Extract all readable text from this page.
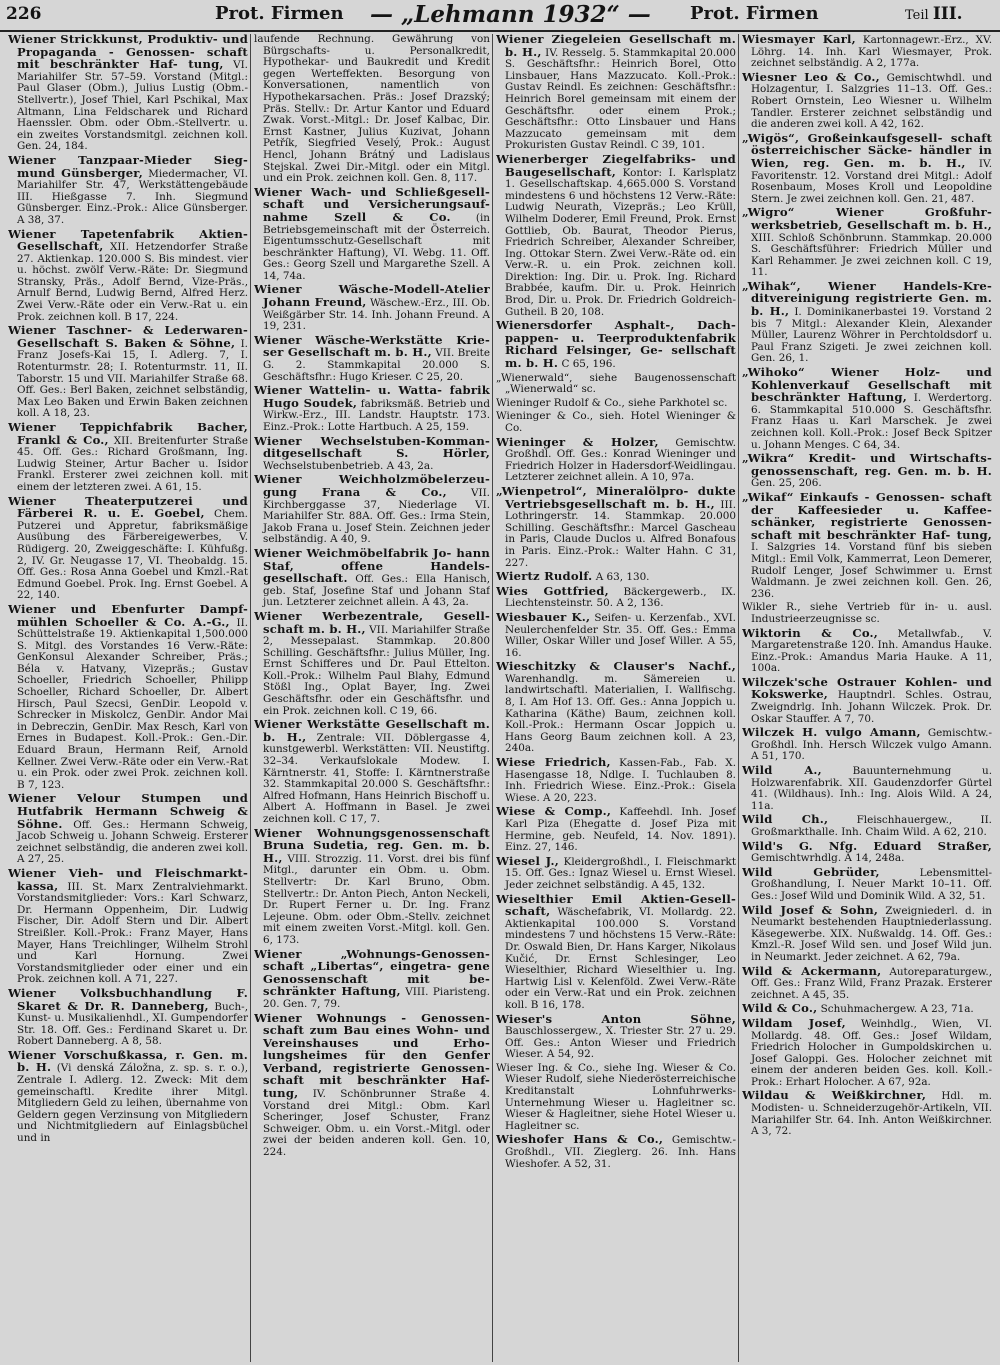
226	Prot. Firmen — „Lehmann 1932“ — Prot. Firmen	Teil III.

Wiener Strickkunst, Produktiv- und Propaganda - Genossen- schaft mit beschränkter Haf- tung, VI. Mariahilfer Str. 57–59. Vorstand (Mitgl.: Paul Glaser (Obm.), Julius Lustig (Obm.-Stellvertr.), Josef Thiel, Karl Pschikal, Max Altmann, Lina Feldscharek und Richard Haenssler. Obm. oder Obm.-Stellvertr. u. ein zweites Vorstandsmitgl. zeichnen koll. Gen. 24, 184.

Wiener Tanzpaar-Mieder Sieg- mund Günsberger, Miedermacher, VI. Mariahilfer Str. 47, Werkstättengebäude III. Hießgasse 7. Inh. Siegmund Günsberger. Einz.-Prok.: Alice Günsberger. A 38, 37.

Wiener Tapetenfabrik Aktien- Gesellschaft, XII. Hetzendorfer Straße 27. Aktienkap. 120.000 S. Bis mindest. vier u. höchst. zwölf Verw.-Räte: Dr. Siegmund Stransky, Präs., Adolf Bernd, Vize-Präs., Arnulf Bernd, Ludwig Bernd, Alfred Herz. Zwei Verw.-Räte oder ein Verw.-Rat u. ein Prok. zeichnen koll. B 17, 224.

Wiener Taschner- & Lederwaren- Gesellschaft S. Baken & Söhne, I. Franz Josefs-Kai 15, I. Adlerg. 7, I. Rotenturmstr. 28; I. Rotenturmstr. 11, II. Taborstr. 15 und VII. Mariahilfer Straße 68. Off. Ges.: Berl Baken, zeichnet selbständig, Max Leo Baken und Erwin Baken zeichnen koll. A 18, 23.

Wiener Teppichfabrik Bacher, Frankl & Co., XII. Breitenfurter Straße 45. Off. Ges.: Richard Großmann, Ing. Ludwig Steiner, Artur Bacher u. Isidor Frankl. Ersterer zwei zeichnen koll. mit einem der letzteren zwei. A 61, 15.

Wiener Theaterputzerei und Färberei R. u. E. Goebel, Chem. Putzerei und Appretur, fabriksmäßige Ausübung des Färbereigewerbes, V. Rüdigerg. 20, Zweiggeschäfte: I. Kühfußg. 2, IV. Gr. Neugasse 17, VI. Theobaldg. 15. Off. Ges.: Rosa Anna Goebel und Kmzl.-Rat Edmund Goebel. Prok. Ing. Ernst Goebel. A 22, 140.

Wiener und Ebenfurter Dampf- mühlen Schoeller & Co. A.-G., II. Schüttelstraße 19. Aktienkapital 1,500.000 S. Mitgl. des Vorstandes 16 Verw.-Räte: GenKonsul Alexander Schreiber, Präs.; Béla v. Hatvany, Vizepräs.; Gustav Schoeller, Friedrich Schoeller, Philipp Schoeller, Richard Schoeller, Dr. Albert Hirsch, Paul Szecsi, GenDir. Leopold v. Schrecker in Miskolcz, GenDir. Andor Mai in Debreczin, GenDir. Max Resch, Karl von Ernes in Budapest. Koll.-Prok.: Gen.-Dir. Eduard Braun, Hermann Reif, Arnold Kellner. Zwei Verw.-Räte oder ein Verw.-Rat u. ein Prok. oder zwei Prok. zeichnen koll. B 7, 123.

Wiener Velour Stumpen und Hutfabrik Hermann Schweig & Söhne. Off. Ges.: Hermann Schweig, Jacob Schweig u. Johann Schweig. Ersterer zeichnet selbständig, die anderen zwei koll. A 27, 25.

Wiener Vieh- und Fleischmarkt- kassa, III. St. Marx Zentralviehmarkt. Vorstandsmitglieder: Vors.: Karl Schwarz, Dr. Hermann Oppenheim, Dir. Ludwig Fischer, Dir. Adolf Stern und Dir. Albert Streißler. Koll.-Prok.: Franz Mayer, Hans Mayer, Hans Treichlinger, Wilhelm Strohl und Karl Hornung. Zwei Vorstandsmitglieder oder einer und ein Prok. zeichnen koll. A 71, 227.

Wiener Volksbuchhandlung F. Skaret & Dr. R. Danneberg, Buch-, Kunst- u. Musikalienhdl., XI. Gumpendorfer Str. 18. Off. Ges.: Ferdinand Skaret u. Dr. Robert Danneberg. A 8, 58.

Wiener Vorschußkassa, r. Gen. m. b. H. (Vi denská Záložna, z. sp. s. r. o.), Zentrale I. Adlerg. 12. Zweck: Mit dem gemeinschaftl. Kredite ihrer Mitgl. Mitgliedern Geld zu leihen, übernahme von Geldern gegen Verzinsung von Mitgliedern und Nichtmitgliedern auf Einlagsbüchel und in

laufende Rechnung. Gewährung von Bürgschafts- u. Personalkredit, Hypothekar- und Baukredit und Kredit gegen Werteffekten. Besorgung von Konversationen, namentlich von Hypothekarsachen. Präs.: Josef Drazský; Präs. Stellv.: Dr. Artur Kantor und Eduard Zwak. Vorst.-Mitgl.: Dr. Josef Kalbac, Dir. Ernst Kastner, Julius Kuzivat, Johann Petřík, Siegfried Veselý, Prok.: August Hencl, Johann Brátný und Ladislaus Stejskal. Zwei Dir.-Mitgl. oder ein Mitgl. und ein Prok. zeichnen koll. Gen. 8, 117.

Wiener Wach- und Schließgesell- schaft und Versicherungsauf- nahme Szell & Co. (in Betriebsgemeinschaft mit der Österreich. Eigentumsschutz-Gesellschaft mit beschränkter Haftung), VI. Webg. 11. Off. Ges.: Georg Szell und Margarethe Szell. A 14, 74a.

Wiener Wäsche-Modell-Atelier Johann Freund, Wäschew.-Erz., III. Ob. Weißgärber Str. 14. Inh. Johann Freund. A 19, 231.

Wiener Wäsche-Werkstätte Krie- ser Gesellschaft m. b. H., VII. Breite G. 2. Stammkapital 20.000 S. Geschäftsfhr.: Hugo Krieser. C 25, 20.

Wiener Wattelin- u. Watta- fabrik Hugo Soudek, fabriksmäß. Betrieb und Wirkw.-Erz., III. Landstr. Hauptstr. 173. Einz.-Prok.: Lotte Hartbuch. A 25, 159.

Wiener Wechselstuben-Komman- ditgesellschaft S. Hörler, Wechselstubenbetrieb. A 43, 2a.

Wiener Weichholzmöbelerzeu- gung Frana & Co., VII. Kirchberggasse 37, Niederlage VI. Mariahilfer Str. 88A. Off. Ges.: Irma Stein, Jakob Frana u. Josef Stein. Zeichnen jeder selbständig. A 40, 9.

Wiener Weichmöbelfabrik Jo- hann Staf, offene Handels- gesellschaft. Off. Ges.: Ella Hanisch, geb. Staf, Josefine Staf und Johann Staf jun. Letzterer zeichnet allein. A 43, 2a.

Wiener Werbezentrale, Gesell- schaft m. b. H., VII. Mariahilfer Straße 2, Messepalast. Stammkap. 20.800 Schilling. Geschäftsfhr.: Julius Müller, Ing. Ernst Schifferes und Dr. Paul Ettelton. Koll.-Prok.: Wilhelm Paul Blahy, Edmund Stößl Ing., Oplat Bayer, Ing. Zwei Geschäftsfhr. oder ein Geschäftsfhr. und ein Prok. zeichnen koll. C 19, 66.

Wiener Werkstätte Gesellschaft m. b. H., Zentrale: VII. Döblergasse 4, kunstgewerbl. Werkstätten: VII. Neustiftg. 32–34. Verkaufslokale Modew. I. Kärntnerstr. 41, Stoffe: I. Kärntnerstraße 32. Stammkapital 20.000 S. Geschäftsfhr.: Alfred Hofmann, Hans Heinrich Bischoff u. Albert A. Hoffmann in Basel. Je zwei zeichnen koll. C 17, 7.

Wiener Wohnungsgenossenschaft Bruna Sudetia, reg. Gen. m. b. H., VIII. Strozzig. 11. Vorst. drei bis fünf Mitgl., darunter ein Obm. u. Obm. Stellvertr: Dr. Karl Bruno, Obm. Stellvertr.: Dr. Anton Piech, Anton Neckeli, Dr. Rupert Ferner u. Dr. Ing. Franz Lejeune. Obm. oder Obm.-Stellv. zeichnet mit einem zweiten Vorst.-Mitgl. koll. Gen. 6, 173.

Wiener „Wohnungs-Genossen- schaft „Libertas“, eingetra- gene Genossenschaft mit be- schränkter Haftung, VIII. Piaristeng. 20. Gen. 7, 79.

Wiener Wohnungs - Genossen- schaft zum Bau eines Wohn- und Vereinshauses und Erho- lungsheimes für den Genfer Verband, registrierte Genossen- schaft mit beschränkter Haf- tung, IV. Schönbrunner Straße 4. Vorstand drei Mitgl.: Obm. Karl Scheringer, Josef Schuster, Franz Schweiger. Obm. u. ein Vorst.-Mitgl. oder zwei der beiden anderen koll. Gen. 10, 224.

Wiener Ziegeleien Gesellschaft m. b. H., IV. Resselg. 5. Stammkapital 20.000 S. Geschäftsfhr.: Heinrich Borel, Otto Linsbauer, Hans Mazzucato. Koll.-Prok.: Gustav Reindl. Es zeichnen: Geschäftsfhr.: Heinrich Borel gemeinsam mit einem der Geschäftsfhr. oder einem Prok.; Geschäftsfhr.: Otto Linsbauer und Hans Mazzucato gemeinsam mit dem Prokuristen Gustav Reindl. C 39, 101.

Wienerberger Ziegelfabriks- und Baugesellschaft, Kontor: I. Karlsplatz 1. Gesellschaftskap. 4,665.000 S. Vorstand mindestens 6 und höchstens 12 Verw.-Räte: Ludwig Neurath, Vizepräs.; Leo Krüll, Wilhelm Doderer, Emil Freund, Prok. Ernst Gottlieb, Ob. Baurat, Theodor Pierus, Friedrich Schreiber, Alexander Schreiber, Ing. Ottokar Stern. Zwei Verw.-Räte od. ein Verw.-R. u. ein Prok. zeichnen koll. Direktion: Ing. Dir. u. Prok. Ing. Richard Brabbée, kaufm. Dir. u. Prok. Heinrich Brod, Dir. u. Prok. Dr. Friedrich Goldreich-Gutheil. B 20, 108.

Wienersdorfer Asphalt-, Dach- pappen- u. Teerproduktenfabrik Richard Felsinger, Ge- sellschaft m. b. H. C 65, 196.

„Wienerwald“, siehe Baugenossenschaft „Wienerwald“ sc.

Wieninger Rudolf & Co., siehe Parkhotel sc.

Wieninger & Co., sieh. Hotel Wieninger & Co.

Wieninger & Holzer, Gemischtw. Großhdl. Off. Ges.: Konrad Wieninger und Friedrich Holzer in Hadersdorf-Weidlingau. Letzterer zeichnet allein. A 10, 97a.

„Wienpetrol“, Mineralölpro- dukte Vertriebsgesellschaft m. b. H., III. Lothringerstr. 14. Stammkap. 20.000 Schilling. Geschäftsfhr.: Marcel Gascheau in Paris, Claude Duclos u. Alfred Bonafous in Paris. Einz.-Prok.: Walter Hahn. C 31, 227.

Wiertz Rudolf. A 63, 130.

Wies Gottfried, Bäckergewerb., IX. Liechtensteinstr. 50. A 2, 136.

Wiesbauer K., Seifen- u. Kerzenfab., XVI. Neulerchenfelder Str. 35. Off. Ges.: Emma Willer, Oskar Willer und Josef Willer. A 55, 16.

Wieschitzky & Clauser's Nachf., Warenhandlg. m. Sämereien u. landwirtschaftl. Materialien, I. Wallfischg. 8, I. Am Hof 13. Off. Ges.: Anna Joppich u. Katharina (Käthe) Baum, zeichnen koll. Koll.-Prok.: Hermann Oscar Joppich u. Hans Georg Baum zeichnen koll. A 23, 240a.

Wiese Friedrich, Kassen-Fab., Fab. X. Hasengasse 18, Ndlge. I. Tuchlauben 8. Inh. Friedrich Wiese. Einz.-Prok.: Gisela Wiese. A 20, 223.

Wiese & Comp., Kaffeehdl. Inh. Josef Karl Piza (Ehegatte d. Josef Piza mit Hermine, geb. Neufeld, 14. Nov. 1891). Einz. 27, 146.

Wiesel J., Kleidergroßhdl., I. Fleischmarkt 15. Off. Ges.: Ignaz Wiesel u. Ernst Wiesel. Jeder zeichnet selbständig. A 45, 132.

Wieselthier Emil Aktien-Gesell- schaft, Wäschefabrik, VI. Mollardg. 22. Aktienkapital 100.000 S. Vorstand mindestens 7 und höchstens 15 Verw.-Räte: Dr. Oswald Bien, Dr. Hans Karger, Nikolaus Kučić, Dr. Ernst Schlesinger, Leo Wieselthier, Richard Wieselthier u. Ing. Hartwig Lisl v. Kelenföld. Zwei Verw.-Räte oder ein Verw.-Rat und ein Prok. zeichnen koll. B 16, 178.

Wieser's Anton Söhne, Bauschlossergew., X. Triester Str. 27 u. 29. Off. Ges.: Anton Wieser und Friedrich Wieser. A 54, 92.

Wieser Ing. & Co., siehe Ing. Wieser & Co. Wieser Rudolf, siehe Niederösterreichische Kreditanstalt Lohnfuhrwerks-Unternehmung Wieser u. Hagleitner sc. Wieser & Hagleitner, siehe Hotel Wieser u. Hagleitner sc.

Wieshofer Hans & Co., Gemischtw.-Großhdl., VII. Zieglerg. 26. Inh. Hans Wieshofer. A 52, 31.

Wiesmayer Karl, Kartonnagewr.-Erz., XV. Löhrg. 14. Inh. Karl Wiesmayer, Prok. zeichnet selbständig. A 2, 177a.

Wiesner Leo & Co., Gemischtwhdl. und Holzagentur, I. Salzgries 11–13. Off. Ges.: Robert Ornstein, Leo Wiesner u. Wilhelm Tandler. Ersterer zeichnet selbständig und die anderen zwei koll. A 42, 162.

„Wigös“, Großeinkaufsgesell- schaft österreichischer Säcke- händler in Wien, reg. Gen. m. b. H., IV. Favoritenstr. 12. Vorstand drei Mitgl.: Adolf Rosenbaum, Moses Kroll und Leopoldine Stern. Je zwei zeichnen koll. Gen. 21, 487.

„Wigro“ Wiener Großfuhr- werksbetrieb, Gesellschaft m. b. H., XIII. Schloß Schönbrunn. Stammkap. 20.000 S. Geschäftsführer: Friedrich Müller und Karl Rehammer. Je zwei zeichnen koll. C 19, 11.

„Wihak“, Wiener Handels-Kre- ditvereinigung registrierte Gen. m. b. H., I. Dominikanerbastei 19. Vorstand 2 bis 7 Mitgl.: Alexander Klein, Alexander Müller, Laurenz Wöhrer in Perchtoldsdorf u. Paul Franz Szigeti. Je zwei zeichnen koll. Gen. 26, 1.

„Wihoko“ Wiener Holz- und Kohlenverkauf Gesellschaft mit beschränkter Haftung, I. Werdertorg. 6. Stammkapital 510.000 S. Geschäftsfhr. Franz Haas u. Karl Marschek. Je zwei zeichnen koll. Koll.-Prok.: Josef Beck Spitzer u. Johann Menges. C 64, 34.

„Wikra“ Kredit- und Wirtschafts- genossenschaft, reg. Gen. m. b. H. Gen. 25, 206.

„Wikaf“ Einkaufs - Genossen- schaft der Kaffeesieder u. Kaffee- schänker, registrierte Genossen- schaft mit beschränkter Haf- tung, I. Salzgries 14. Vorstand fünf bis sieben Mitgl.: Emil Volk, Kammerrat, Leon Demerer, Rudolf Lenger, Josef Schwimmer u. Ernst Waldmann. Je zwei zeichnen koll. Gen. 26, 236.

Wikler R., siehe Vertrieb für in- u. ausl. Industrieerzeugnisse sc.

Wiktorin & Co., Metallwfab., V. Margaretenstraße 120. Inh. Amandus Hauke. Einz.-Prok.: Amandus Maria Hauke. A 11, 100a.

Wilczek'sche Ostrauer Kohlen- und Kokswerke, Hauptndrl. Schles. Ostrau, Zweigndrlg. Inh. Johann Wilczek. Prok. Dr. Oskar Stauffer. A 7, 70.

Wilczek H. vulgo Amann, Gemischtw.-Großhdl. Inh. Hersch Wilczek vulgo Amann. A 51, 170.

Wild A.,	Bauunternehmung u. Holzwarenfabrik. XII. Gaudenzdorfer Gürtel 41. (Wildhaus). Inh.: Ing. Alois Wild. A 24, 11a.

Wild Ch.,	Fleischhauergew., II. Großmarkthalle. Inh. Chaim Wild. A 62, 210.

Wild's G. Nfg. Eduard Straßer, Gemischtwrhdlg. A 14, 248a.

Wild Gebrüder,	Lebensmittel-Großhandlung, I. Neuer Markt 10–11. Off. Ges.: Josef Wild und Dominik Wild. A 32, 51.

Wild Josef & Sohn, Zweigniederl. d. in Neumarkt bestehenden Hauptniederlassung. Käsegewerbe. XIX. Nußwaldg. 14. Off. Ges.: Kmzl.-R. Josef Wild sen. und Josef Wild jun. in Neumarkt. Jeder zeichnet. A 62, 79a.

Wild & Ackermann, Autoreparaturgew., Off. Ges.: Franz Wild, Franz Prazak. Ersterer zeichnet. A 45, 35.

Wild & Co., Schuhmachergew. A 23, 71a.

Wildam Josef, Weinhdlg., Wien, VI. Mollardg. 48. Off. Ges.: Josef Wildam, Friedrich Holocher in Gumpoldskirchen u. Josef Galoppi. Ges. Holocher zeichnet mit einem der anderen beiden Ges. koll. Koll.-Prok.: Erhart Holocher. A 67, 92a.

Wildau & Weißkirchner, Hdl. m. Modisten- u. Schneiderzugehör-Artikeln, VII. Mariahilfer Str. 64. Inh. Anton Weißkirchner. A 3, 72.
